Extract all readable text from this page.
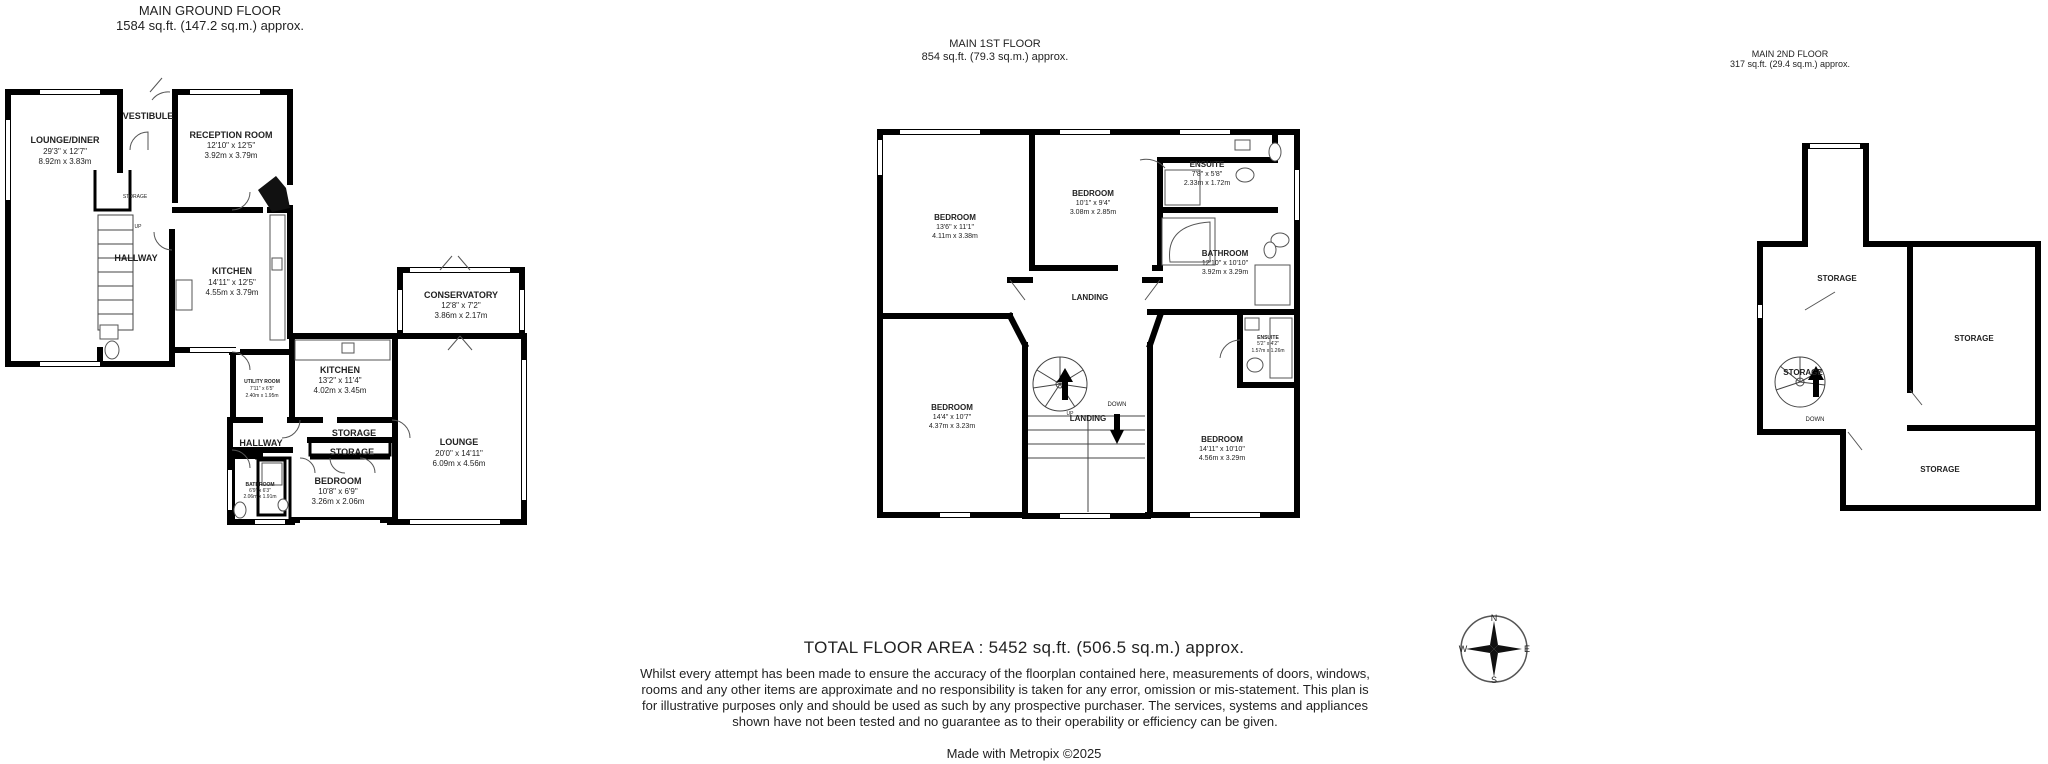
MAIN GROUND FLOOR
1584 sq.ft. (147.2 sq.m.) approx.
MAIN 1ST FLOOR
854 sq.ft. (79.3 sq.m.) approx.	MAIN 2ND FLOOR
317 sq.ft. (29.4 sq.m.) approx.
LOUNGE/DINER
29'3" x 12'7"
8.92m x 3.83m
VESTIBULE
RECEPTION ROOM
12'10" x 12'5"
3.92m x 3.79m
STORAGE
UP
HALLWAY
KITCHEN
14'11" x 12'5"
4.55m x 3.79m	CONSERVATORY
12'8" x 7'2"
3.86m x 2.17m
UTILITY ROOM
7'11" x 6'5"
2.40m x 1.95m
KITCHEN
13'2" x 11'4"
4.02m x 3.45m
STORAGE
HALLWAY
STORAGE
LOUNGE
20'0" x 14'11"
6.09m x 4.56m
BATHROOM
6'9" x 6'3"
2.06m x 1.91m
BEDROOM
10'8" x 6'9"
3.26m x 2.06m
BEDROOM
13'6" x 11'1"
4.11m x 3.38m
BEDROOM
10'1" x 9'4"
3.08m x 2.85m
ENSUITE
7'8" x 5'8"
2.33m x 1.72m
BATHROOM
12'10" x 10'10"
3.92m x 3.29m
LANDING
ENSUITE
5'2" x 4'2"
1.57m x 1.26m
BEDROOM
14'4" x 10'7"
4.37m x 3.23m
DOWN
UP
LANDING
BEDROOM
14'11" x 10'10"
4.56m x 3.29m
STORAGE
STORAGE
STORAGE
DOWN
STORAGE
N
S
W	E
TOTAL FLOOR AREA : 5452 sq.ft. (506.5 sq.m.) approx.
Whilst every attempt has been made to ensure the accuracy of the floorplan contained here, measurements of doors, windows, rooms and any other items are approximate and no responsibility is taken for any error, omission or mis-statement. This plan is for illustrative purposes only and should be used as such by any prospective purchaser. The services, systems and appliances shown have not been tested and no guarantee as to their operability or efficiency can be given.
Made with Metropix ©2025
